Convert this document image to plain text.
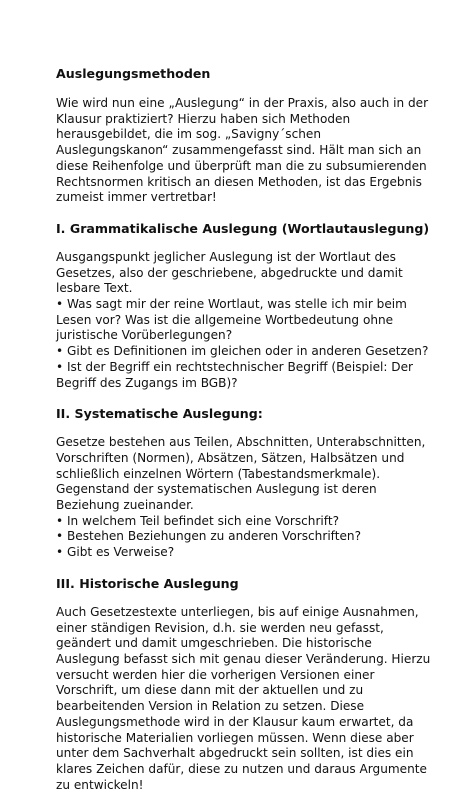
Auslegungsmethoden

Wie wird nun eine „Auslegung“ in der Praxis, also auch in der Klausur praktiziert? Hierzu haben sich Methoden herausgebildet, die im sog. „Savigny´schen Auslegungskanon“ zusammengefasst sind. Hält man sich an diese Reihenfolge und überprüft man die zu subsumierenden Rechtsnormen kritisch an diesen Methoden, ist das Ergebnis zumeist immer vertretbar!

I. Grammatikalische Auslegung (Wortlautauslegung)

Ausgangspunkt jeglicher Auslegung ist der Wortlaut des Gesetzes, also der geschriebene, abgedruckte und damit lesbare Text.

• Was sagt mir der reine Wortlaut, was stelle ich mir beim Lesen vor? Was ist die allgemeine Wortbedeutung ohne juristische Vorüberlegungen?
• Gibt es Definitionen im gleichen oder in anderen Gesetzen?
• Ist der Begriff ein rechtstechnischer Begriff (Beispiel: Der Begriff des Zugangs im BGB)?
II. Systematische Auslegung:

Gesetze bestehen aus Teilen, Abschnitten, Unterabschnitten, Vorschriften (Normen), Absätzen, Sätzen, Halbsätzen und schließlich einzelnen Wörtern (Tabestandsmerkmale). Gegenstand der systematischen Auslegung ist deren Beziehung zueinander.

• In welchem Teil befindet sich eine Vorschrift?
• Bestehen Beziehungen zu anderen Vorschriften?
• Gibt es Verweise?
III. Historische Auslegung

Auch Gesetzestexte unterliegen, bis auf einige Ausnahmen, einer ständigen Revision, d.h. sie werden neu gefasst, geändert und damit umgeschrieben. Die historische Auslegung befasst sich mit genau dieser Veränderung. Hierzu versucht werden hier die vorherigen Versionen einer Vorschrift, um diese dann mit der aktuellen und zu bearbeitenden Version in Relation zu setzen. Diese Auslegungsmethode wird in der Klausur kaum erwartet, da historische Materialien vorliegen müssen. Wenn diese aber unter dem Sachverhalt abgedruckt sein sollten, ist dies ein klares Zeichen dafür, diese zu nutzen und daraus Argumente zu entwickeln!
